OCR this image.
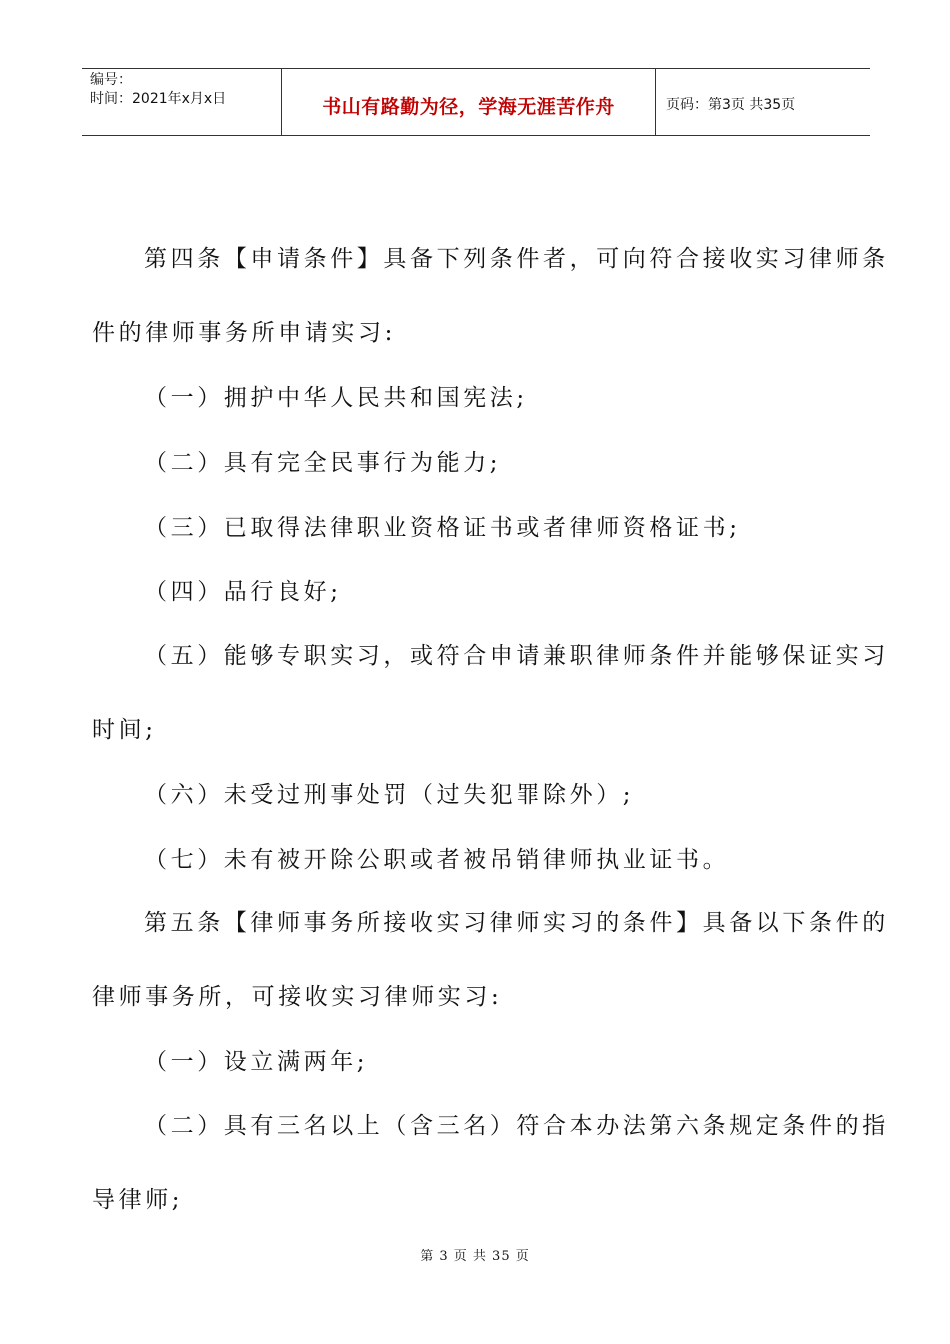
编号：
时间：2021年x月x日	书山有路勤为径，学海无涯苦作舟	页码：第3页 共35页
第四条【申请条件】具备下列条件者，可向符合接收实习律师条
件的律师事务所申请实习:
（一）拥护中华人民共和国宪法;
（二）具有完全民事行为能力;
（三）已取得法律职业资格证书或者律师资格证书;
（四）品行良好;
（五）能够专职实习，或符合申请兼职律师条件并能够保证实习
时间;
（六）未受过刑事处罚（过失犯罪除外）;
（七）未有被开除公职或者被吊销律师执业证书。
第五条【律师事务所接收实习律师实习的条件】具备以下条件的
律师事务所，可接收实习律师实习:
（一）设立满两年;
（二）具有三名以上（含三名）符合本办法第六条规定条件的指
导律师;
第 3 页 共 35 页
